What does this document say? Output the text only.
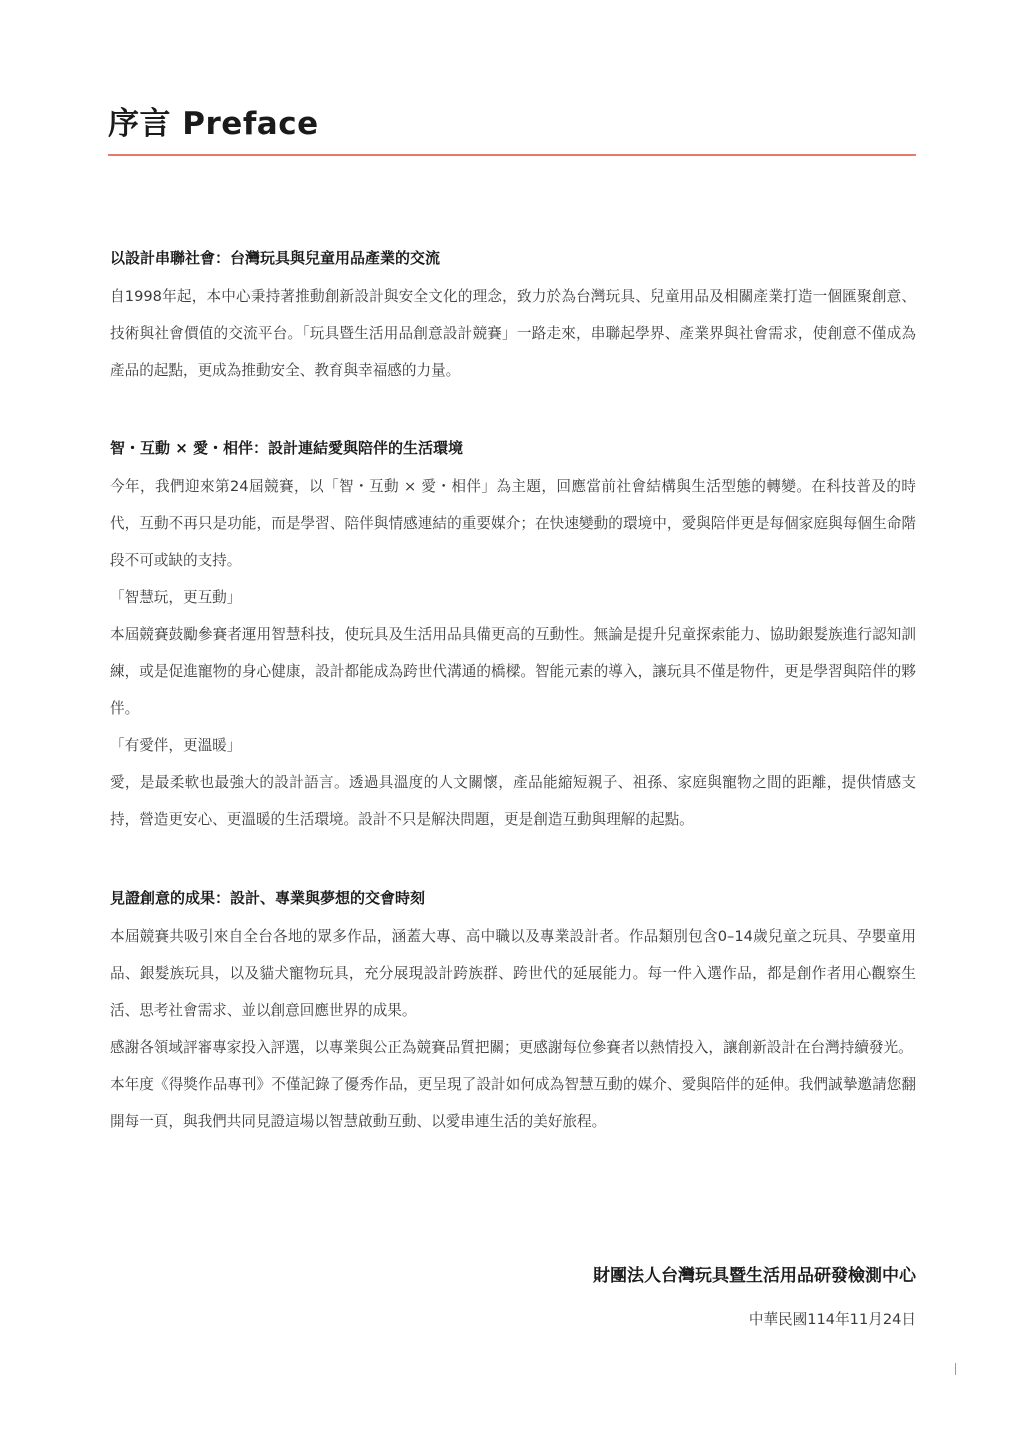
序言 Preface
以設計串聯社會：台灣玩具與兒童用品產業的交流

自1998年起，本中心秉持著推動創新設計與安全文化的理念，致力於為台灣玩具、兒童用品及相關產業打造一個匯聚創意、技術與社會價值的交流平台。「玩具暨生活用品創意設計競賽」一路走來，串聯起學界、產業界與社會需求，使創意不僅成為產品的起點，更成為推動安全、教育與幸福感的力量。

智・互動 × 愛・相伴：設計連結愛與陪伴的生活環境

今年，我們迎來第24屆競賽，以「智・互動 × 愛・相伴」為主題，回應當前社會結構與生活型態的轉變。在科技普及的時代，互動不再只是功能，而是學習、陪伴與情感連結的重要媒介；在快速變動的環境中，愛與陪伴更是每個家庭與每個生命階段不可或缺的支持。

「智慧玩，更互動」

本屆競賽鼓勵參賽者運用智慧科技，使玩具及生活用品具備更高的互動性。無論是提升兒童探索能力、協助銀髮族進行認知訓練，或是促進寵物的身心健康，設計都能成為跨世代溝通的橋樑。智能元素的導入，讓玩具不僅是物件，更是學習與陪伴的夥伴。

「有愛伴，更溫暖」

愛，是最柔軟也最強大的設計語言。透過具溫度的人文關懷，產品能縮短親子、祖孫、家庭與寵物之間的距離，提供情感支持，營造更安心、更溫暖的生活環境。設計不只是解決問題，更是創造互動與理解的起點。

見證創意的成果：設計、專業與夢想的交會時刻

本屆競賽共吸引來自全台各地的眾多作品，涵蓋大專、高中職以及專業設計者。作品類別包含0–14歲兒童之玩具、孕嬰童用品、銀髮族玩具，以及貓犬寵物玩具，充分展現設計跨族群、跨世代的延展能力。每一件入選作品，都是創作者用心觀察生活、思考社會需求、並以創意回應世界的成果。

感謝各領域評審專家投入評選，以專業與公正為競賽品質把關；更感謝每位參賽者以熱情投入，讓創新設計在台灣持續發光。

本年度《得獎作品專刊》不僅記錄了優秀作品，更呈現了設計如何成為智慧互動的媒介、愛與陪伴的延伸。我們誠摯邀請您翻開每一頁，與我們共同見證這場以智慧啟動互動、以愛串連生活的美好旅程。

財團法人台灣玩具暨生活用品研發檢測中心
中華民國114年11月24日
